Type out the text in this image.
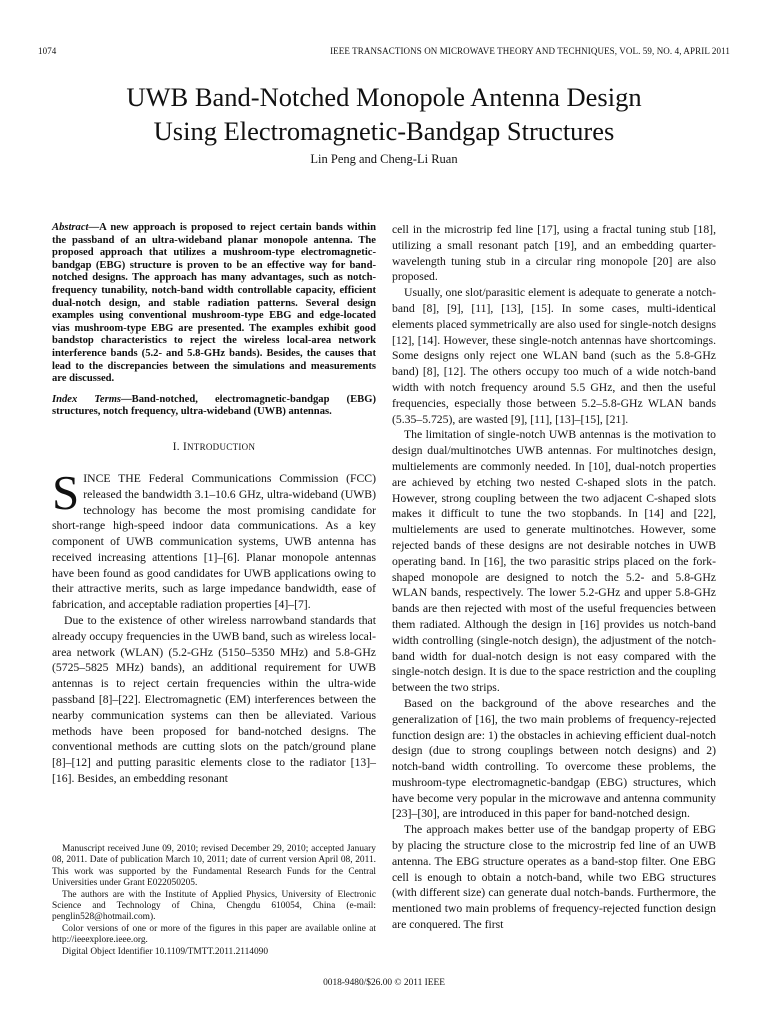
1074	IEEE TRANSACTIONS ON MICROWAVE THEORY AND TECHNIQUES, VOL. 59, NO. 4, APRIL 2011
UWB Band-Notched Monopole Antenna Design
Using Electromagnetic-Bandgap Structures
Lin Peng and Cheng-Li Ruan

Abstract—A new approach is proposed to reject certain bands within the passband of an ultra-wideband planar monopole antenna. The proposed approach that utilizes a mushroom-type electromagnetic-bandgap (EBG) structure is proven to be an effective way for band-notched designs. The approach has many advantages, such as notch-frequency tunability, notch-band width controllable capacity, efficient dual-notch design, and stable radiation patterns. Several design examples using conventional mushroom-type EBG and edge-located vias mushroom-type EBG are presented. The examples exhibit good bandstop characteristics to reject the wireless local-area network interference bands (5.2- and 5.8-GHz bands). Besides, the causes that lead to the discrepancies between the simulations and measurements are discussed.

Index Terms—Band-notched, electromagnetic-bandgap (EBG) structures, notch frequency, ultra-wideband (UWB) antennas.

I. INTRODUCTION

SINCE THE Federal Communications Commission (FCC) released the bandwidth 3.1–10.6 GHz, ultra-wideband (UWB) technology has become the most promising candidate for short-range high-speed indoor data communications. As a key component of UWB communication systems, UWB antenna has received increasing attentions [1]–[6]. Planar monopole antennas have been found as good candidates for UWB applications owing to their attractive merits, such as large impedance bandwidth, ease of fabrication, and acceptable radiation properties [4]–[7].

Due to the existence of other wireless narrowband standards that already occupy frequencies in the UWB band, such as wireless local-area network (WLAN) (5.2-GHz (5150–5350 MHz) and 5.8-GHz (5725–5825 MHz) bands), an additional requirement for UWB antennas is to reject certain frequencies within the ultra-wide passband [8]–[22]. Electromagnetic (EM) interferences between the nearby communication systems can then be alleviated. Various methods have been proposed for band-notched designs. The conventional methods are cutting slots on the patch/ground plane [8]–[12] and putting parasitic elements close to the radiator [13]–[16]. Besides, an embedding resonant

Manuscript received June 09, 2010; revised December 29, 2010; accepted January 08, 2011. Date of publication March 10, 2011; date of current version April 08, 2011. This work was supported by the Fundamental Research Funds for the Central Universities under Grant E022050205.

The authors are with the Institute of Applied Physics, University of Electronic Science and Technology of China, Chengdu 610054, China (e-mail: penglin528@hotmail.com).

Color versions of one or more of the figures in this paper are available online at http://ieeexplore.ieee.org.

Digital Object Identifier 10.1109/TMTT.2011.2114090

cell in the microstrip fed line [17], using a fractal tuning stub [18], utilizing a small resonant patch [19], and an embedding quarter-wavelength tuning stub in a circular ring monopole [20] are also proposed.

Usually, one slot/parasitic element is adequate to generate a notch-band [8], [9], [11], [13], [15]. In some cases, multi-identical elements placed symmetrically are also used for single-notch designs [12], [14]. However, these single-notch antennas have shortcomings. Some designs only reject one WLAN band (such as the 5.8-GHz band) [8], [12]. The others occupy too much of a wide notch-band width with notch frequency around 5.5 GHz, and then the useful frequencies, especially those between 5.2–5.8-GHz WLAN bands (5.35–5.725), are wasted [9], [11], [13]–[15], [21].

The limitation of single-notch UWB antennas is the motivation to design dual/multinotches UWB antennas. For multinotches design, multielements are commonly needed. In [10], dual-notch properties are achieved by etching two nested C-shaped slots in the patch. However, strong coupling between the two adjacent C-shaped slots makes it difficult to tune the two stopbands. In [14] and [22], multielements are used to generate multinotches. However, some rejected bands of these designs are not desirable notches in UWB operating band. In [16], the two parasitic strips placed on the fork-shaped monopole are designed to notch the 5.2- and 5.8-GHz WLAN bands, respectively. The lower 5.2-GHz and upper 5.8-GHz bands are then rejected with most of the useful frequencies between them radiated. Although the design in [16] provides us notch-band width controlling (single-notch design), the adjustment of the notch-band width for dual-notch design is not easy compared with the single-notch design. It is due to the space restriction and the coupling between the two strips.

Based on the background of the above researches and the generalization of [16], the two main problems of frequency-rejected function design are: 1) the obstacles in achieving efficient dual-notch design (due to strong couplings between notch designs) and 2) notch-band width controlling. To overcome these problems, the mushroom-type electromagnetic-bandgap (EBG) structures, which have become very popular in the microwave and antenna community [23]–[30], are introduced in this paper for band-notched design.

The approach makes better use of the bandgap property of EBG by placing the structure close to the microstrip fed line of an UWB antenna. The EBG structure operates as a band-stop filter. One EBG cell is enough to obtain a notch-band, while two EBG structures (with different size) can generate dual notch-bands. Furthermore, the mentioned two main problems of frequency-rejected function design are conquered. The first

0018-9480/$26.00 © 2011 IEEE
